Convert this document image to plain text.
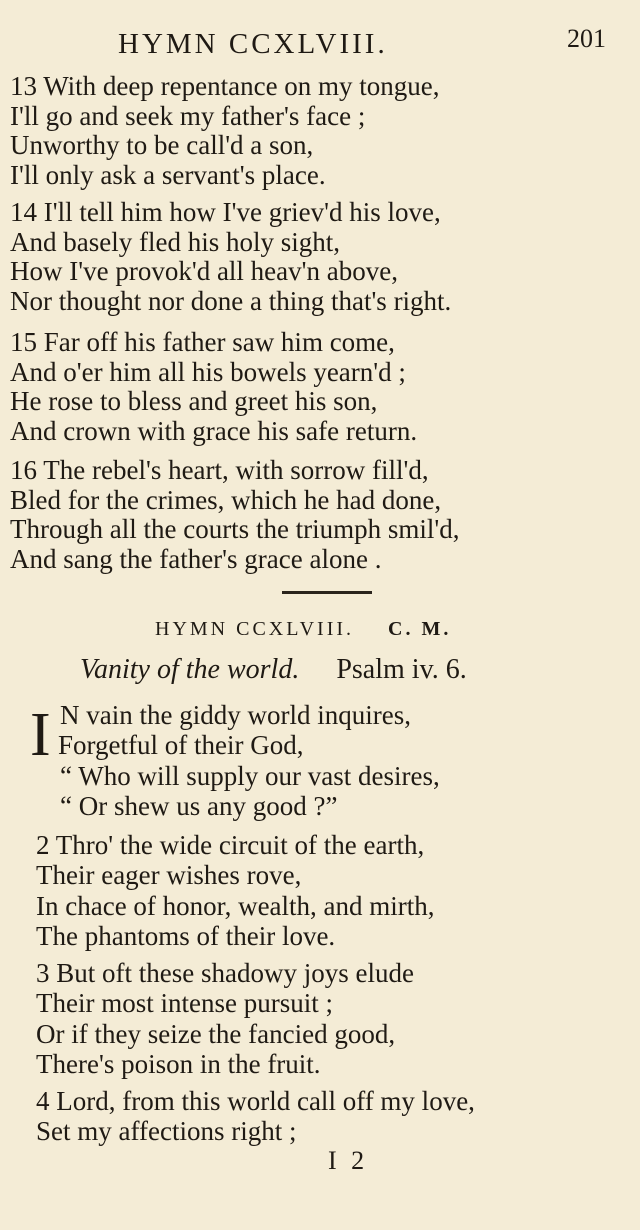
HYMN CCXLVIII.	201
13 With deep repentance on my tongue,
I'll go and seek my father's face ;
Unworthy to be call'd a son,
I'll only ask a servant's place.
14 I'll tell him how I've griev'd his love,
And basely fled his holy sight,
How I've provok'd all heav'n above,
Nor thought nor done a thing that's right.
15 Far off his father saw him come,
And o'er him all his bowels yearn'd ;
He rose to bless and greet his son,
And crown with grace his safe return.
16 The rebel's heart, with sorrow fill'd,
Bled for the crimes, which he had done,
Through all the courts the triumph smil'd,
And sang the father's grace alone .
HYMN CCXLVIII. C. M.
Vanity of the world. Psalm iv. 6.
I N vain the giddy world inquires,
Forgetful of their God,
“ Who will supply our vast desires,
“ Or shew us any good ?”
2 Thro' the wide circuit of the earth,
Their eager wishes rove,
In chace of honor, wealth, and mirth,
The phantoms of their love.
3 But oft these shadowy joys elude
Their most intense pursuit ;
Or if they seize the fancied good,
There's poison in the fruit.
4 Lord, from this world call off my love,
Set my affections right ;
I 2
